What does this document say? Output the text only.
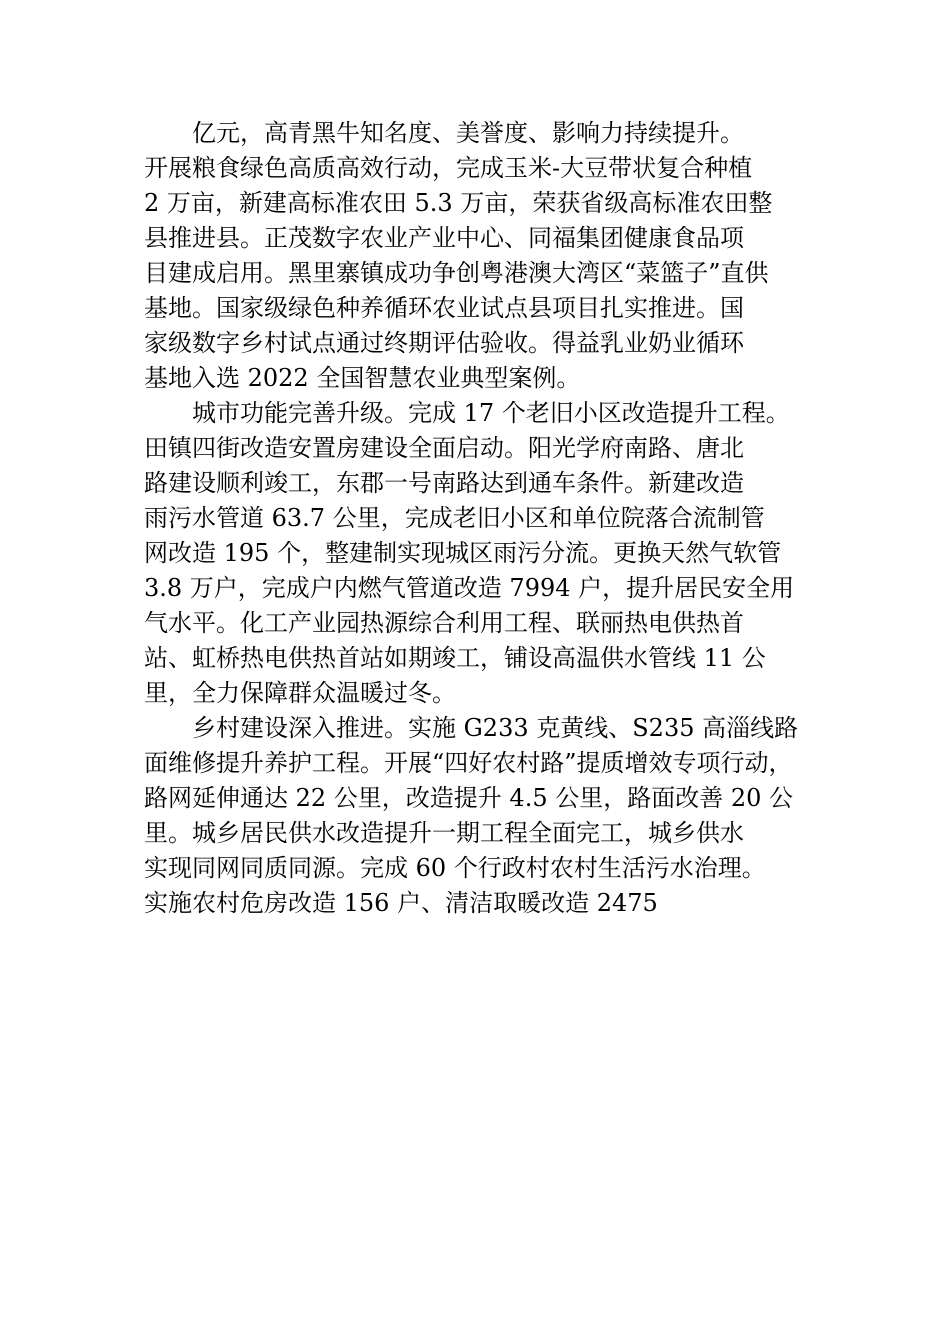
亿元，高青黑牛知名度、美誉度、影响力持续提升。
开展粮食绿色高质高效行动，完成玉米-大豆带状复合种植
2 万亩，新建高标准农田 5.3 万亩，荣获省级高标准农田整
县推进县。正茂数字农业产业中心、同福集团健康食品项
目建成启用。黑里寨镇成功争创粤港澳大湾区“菜篮子”直供
基地。国家级绿色种养循环农业试点县项目扎实推进。国
家级数字乡村试点通过终期评估验收。得益乳业奶业循环
基地入选 2022 全国智慧农业典型案例。
城市功能完善升级。完成 17 个老旧小区改造提升工程。
田镇四街改造安置房建设全面启动。阳光学府南路、唐北
路建设顺利竣工，东郡一号南路达到通车条件。新建改造
雨污水管道 63.7 公里，完成老旧小区和单位院落合流制管
网改造 195 个，整建制实现城区雨污分流。更换天然气软管
3.8 万户，完成户内燃气管道改造 7994 户，提升居民安全用
气水平。化工产业园热源综合利用工程、联丽热电供热首
站、虹桥热电供热首站如期竣工，铺设高温供水管线 11 公
里，全力保障群众温暖过冬。
乡村建设深入推进。实施 G233 克黄线、S235 高淄线路
面维修提升养护工程。开展“四好农村路”提质增效专项行动，
路网延伸通达 22 公里，改造提升 4.5 公里，路面改善 20 公
里。城乡居民供水改造提升一期工程全面完工，城乡供水
实现同网同质同源。完成 60 个行政村农村生活污水治理。
实施农村危房改造 156 户、清洁取暖改造 2475
